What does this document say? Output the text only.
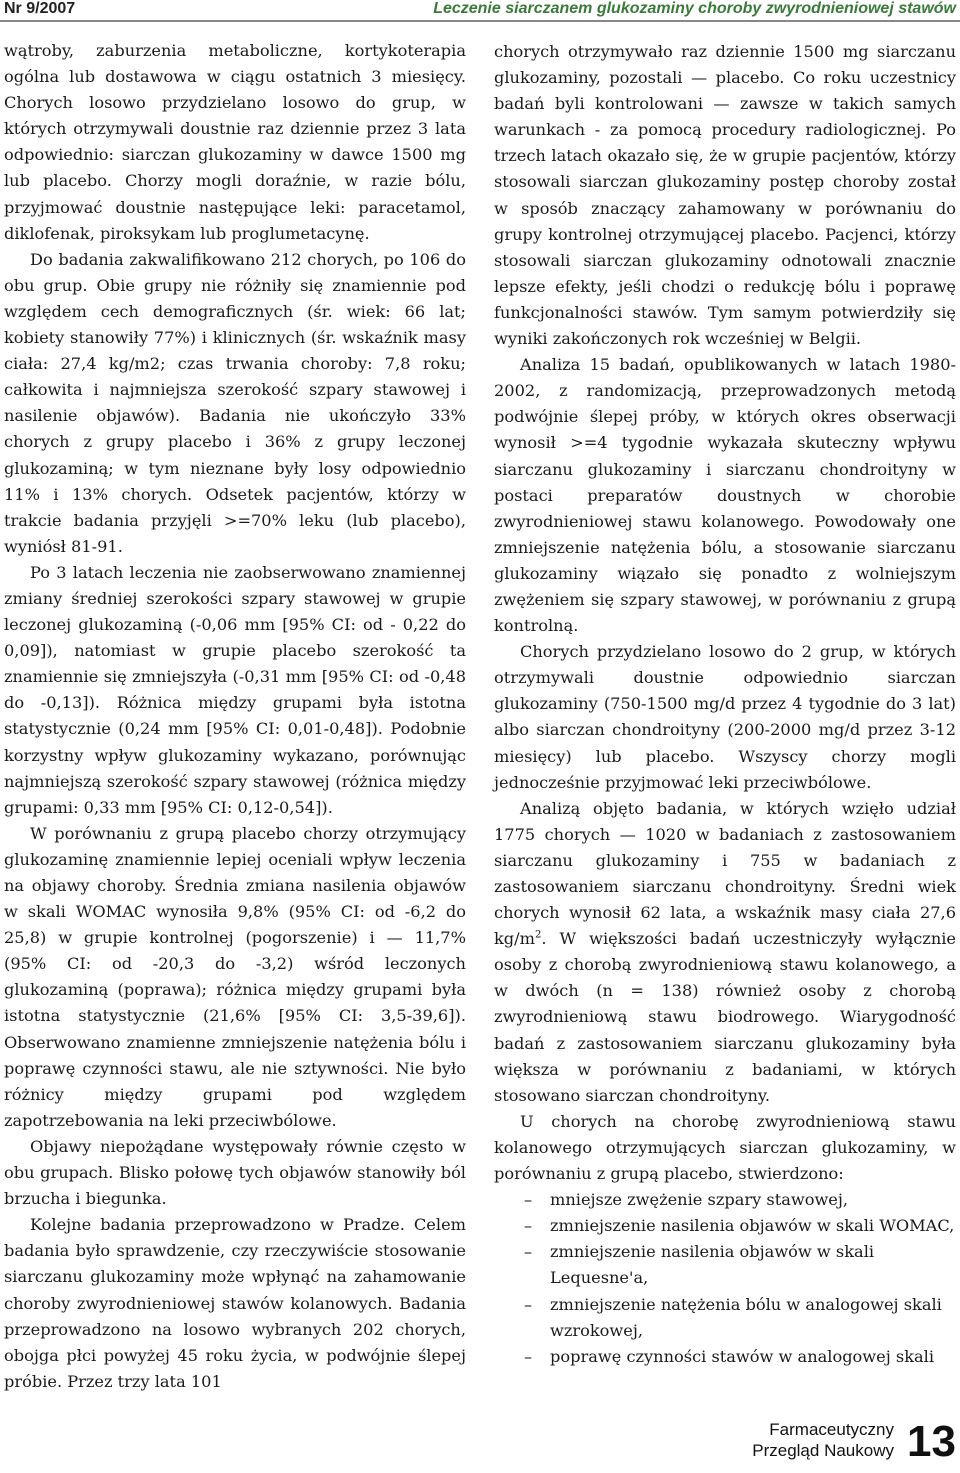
Nr 9/2007	Leczenie siarczanem glukozaminy choroby zwyrodnieniowej stawów

wątroby, zaburzenia metaboliczne, kortykoterapia ogólna lub dostawowa w ciągu ostatnich 3 miesięcy. Chorych losowo przydzielano losowo do grup, w których otrzymywali doustnie raz dziennie przez 3 lata odpowiednio: siarczan glukozaminy w dawce 1500 mg lub placebo. Chorzy mogli doraźnie, w razie bólu, przyjmować doustnie następujące leki: paracetamol, diklofenak, piroksykam lub proglumetacynę.

Do badania zakwalifikowano 212 chorych, po 106 do obu grup. Obie grupy nie różniły się znamiennie pod względem cech demograficznych (śr. wiek: 66 lat; kobiety stanowiły 77%) i klinicznych (śr. wskaźnik masy ciała: 27,4 kg/m2; czas trwania choroby: 7,8 roku; całkowita i najmniejsza szerokość szpary stawowej i nasilenie objawów). Badania nie ukończyło 33% chorych z grupy placebo i 36% z grupy leczonej glukozaminą; w tym nieznane były losy odpowiednio 11% i 13% chorych. Odsetek pacjentów, którzy w trakcie badania przyjęli >=70% leku (lub placebo), wyniósł 81-91.

Po 3 latach leczenia nie zaobserwowano znamiennej zmiany średniej szerokości szpary stawowej w grupie leczonej glukozaminą (-0,06 mm [95% CI: od - 0,22 do 0,09]), natomiast w grupie placebo szerokość ta znamiennie się zmniejszyła (-0,31 mm [95% CI: od -0,48 do -0,13]). Różnica między grupami była istotna statystycznie (0,24 mm [95% CI: 0,01-0,48]). Podobnie korzystny wpływ glukozaminy wykazano, porównując najmniejszą szerokość szpary stawowej (różnica między grupami: 0,33 mm [95% CI: 0,12-0,54]).

W porównaniu z grupą placebo chorzy otrzymujący glukozaminę znamiennie lepiej oceniali wpływ leczenia na objawy choroby. Średnia zmiana nasilenia objawów w skali WOMAC wynosiła 9,8% (95% CI: od -6,2 do 25,8) w grupie kontrolnej (pogorszenie) i — 11,7% (95% CI: od -20,3 do -3,2) wśród leczonych glukozaminą (poprawa); różnica między grupami była istotna statystycznie (21,6% [95% CI: 3,5-39,6]). Obserwowano znamienne zmniejszenie natężenia bólu i poprawę czynności stawu, ale nie sztywności. Nie było różnicy między grupami pod względem zapotrzebowania na leki przeciwbólowe.

Objawy niepożądane występowały równie często w obu grupach. Blisko połowę tych objawów stanowiły ból brzucha i biegunka.

Kolejne badania przeprowadzono w Pradze. Celem badania było sprawdzenie, czy rzeczywiście stosowanie siarczanu glukozaminy może wpłynąć na zahamowanie choroby zwyrodnieniowej stawów kolanowych. Badania przeprowadzono na losowo wybranych 202 chorych, obojga płci powyżej 45 roku życia, w podwójnie ślepej próbie. Przez trzy lata 101

chorych otrzymywało raz dziennie 1500 mg siarczanu glukozaminy, pozostali — placebo. Co roku uczestnicy badań byli kontrolowani — zawsze w takich samych warunkach - za pomocą procedury radiologicznej. Po trzech latach okazało się, że w grupie pacjentów, którzy stosowali siarczan glukozaminy postęp choroby został w sposób znaczący zahamowany w porównaniu do grupy kontrolnej otrzymującej placebo. Pacjenci, którzy stosowali siarczan glukozaminy odnotowali znacznie lepsze efekty, jeśli chodzi o redukcję bólu i poprawę funkcjonalności stawów. Tym samym potwierdziły się wyniki zakończonych rok wcześniej w Belgii.

Analiza 15 badań, opublikowanych w latach 1980-2002, z randomizacją, przeprowadzonych metodą podwójnie ślepej próby, w których okres obserwacji wynosił >=4 tygodnie wykazała skuteczny wpływu siarczanu glukozaminy i siarczanu chondroityny w postaci preparatów doustnych w chorobie zwyrodnieniowej stawu kolanowego. Powodowały one zmniejszenie natężenia bólu, a stosowanie siarczanu glukozaminy wiązało się ponadto z wolniejszym zwężeniem się szpary stawowej, w porównaniu z grupą kontrolną.

Chorych przydzielano losowo do 2 grup, w których otrzymywali doustnie odpowiednio siarczan glukozaminy (750-1500 mg/d przez 4 tygodnie do 3 lat) albo siarczan chondroityny (200-2000 mg/d przez 3-12 miesięcy) lub placebo. Wszyscy chorzy mogli jednocześnie przyjmować leki przeciwbólowe.

Analizą objęto badania, w których wzięło udział 1775 chorych — 1020 w badaniach z zastosowaniem siarczanu glukozaminy i 755 w badaniach z zastosowaniem siarczanu chondroityny. Średni wiek chorych wynosił 62 lata, a wskaźnik masy ciała 27,6 $kg/m^2$. W większości badań uczestniczyły wyłącznie osoby z chorobą zwyrodnieniową stawu kolanowego, a w dwóch (n = 138) również osoby z chorobą zwyrodnieniową stawu biodrowego. Wiarygodność badań z zastosowaniem siarczanu glukozaminy była większa w porównaniu z badaniami, w których stosowano siarczan chondroityny.

U chorych na chorobę zwyrodnieniową stawu kolanowego otrzymujących siarczan glukozaminy, w porównaniu z grupą placebo, stwierdzono:

– mniejsze zwężenie szpary stawowej,
– zmniejszenie nasilenia objawów w skali WOMAC,
– zmniejszenie nasilenia objawów w skali Lequesne'a,
– zmniejszenie natężenia bólu w analogowej skali wzrokowej,
– poprawę czynności stawów w analogowej skali
Farmaceutyczny
Przegląd Naukowy 13
